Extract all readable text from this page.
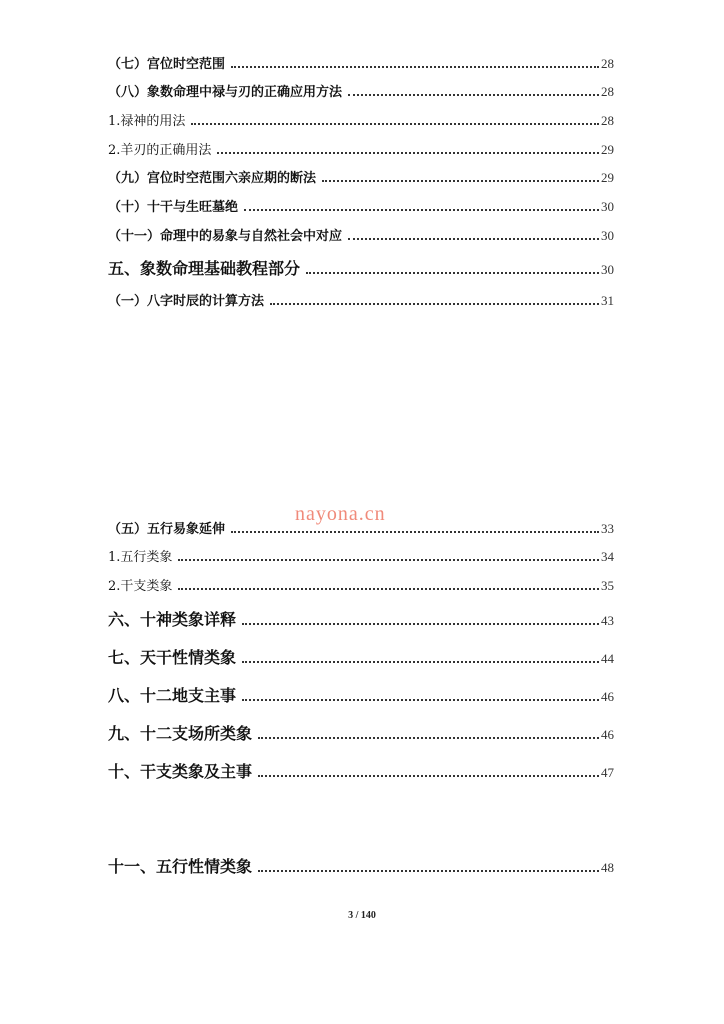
（七）宫位时空范围	28
（八）象数命理中禄与刃的正确应用方法	28
1.禄神的用法	28
2.羊刃的正确用法	29
（九）宫位时空范围六亲应期的断法	29
（十）十干与生旺墓绝	30
（十一）命理中的易象与自然社会中对应	30
五、象数命理基础教程部分	30
（一）八字时辰的计算方法	31
nayona.cn
（五）五行易象延伸	33
1.五行类象	34
2.干支类象	35
六、十神类象详释	43
七、天干性情类象	44
八、十二地支主事	46
九、十二支场所类象	46
十、干支类象及主事	47
十一、五行性情类象	48
3 / 140
